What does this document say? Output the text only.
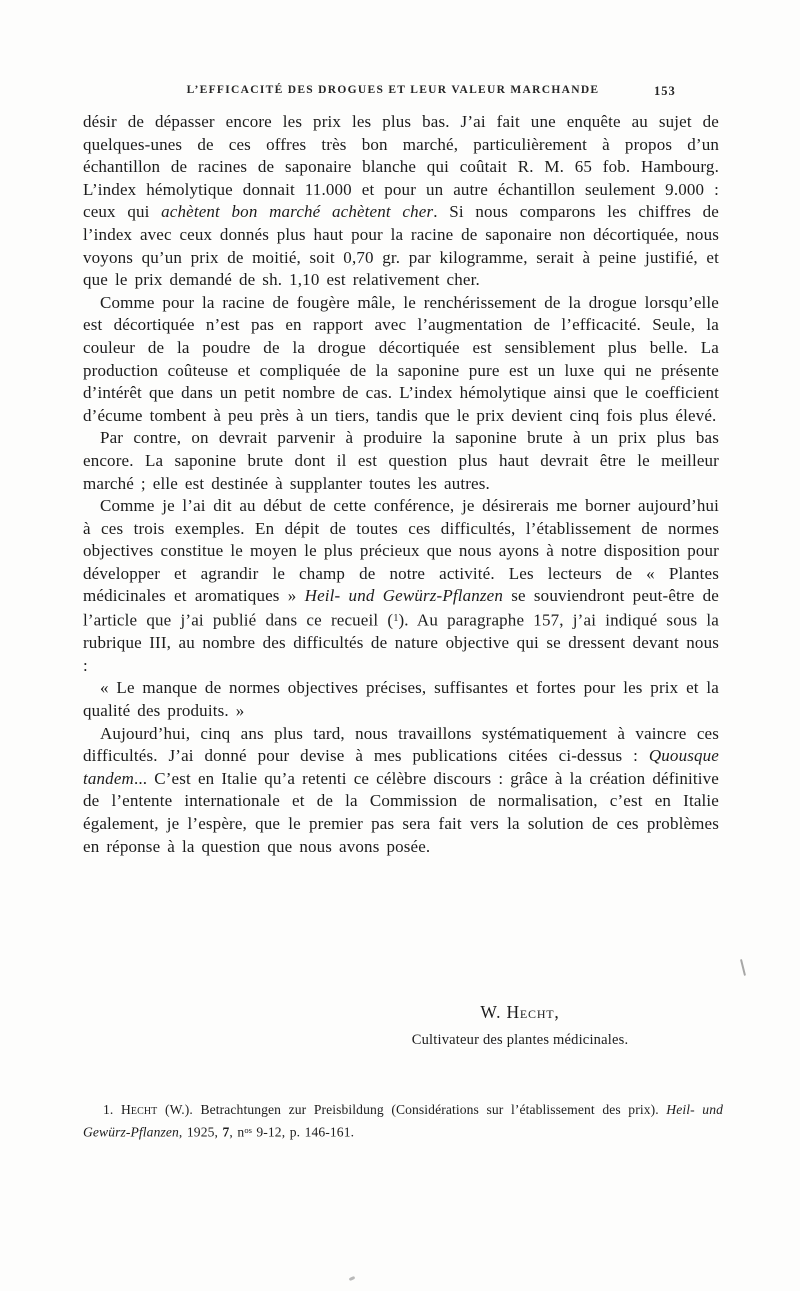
L’EFFICACITÉ DES DROGUES ET LEUR VALEUR MARCHANDE	153

désir de dépasser encore les prix les plus bas. J’ai fait une enquête au sujet de quelques-unes de ces offres très bon marché, particulièrement à propos d’un échantillon de racines de saponaire blanche qui coûtait R. M. 65 fob. Hambourg. L’index hémolytique donnait 11.000 et pour un autre échantillon seulement 9.000 : ceux qui achètent bon marché achètent cher. Si nous comparons les chiffres de l’index avec ceux donnés plus haut pour la racine de saponaire non décortiquée, nous voyons qu’un prix de moitié, soit 0,70 gr. par kilogramme, serait à peine justifié, et que le prix demandé de sh. 1,10 est relativement cher.

Comme pour la racine de fougère mâle, le renchérissement de la drogue lorsqu’elle est décortiquée n’est pas en rapport avec l’augmentation de l’efficacité. Seule, la couleur de la poudre de la drogue décortiquée est sensiblement plus belle. La production coûteuse et compliquée de la saponine pure est un luxe qui ne présente d’intérêt que dans un petit nombre de cas. L’index hémolytique ainsi que le coefficient d’écume tombent à peu près à un tiers, tandis que le prix devient cinq fois plus élevé.

Par contre, on devrait parvenir à produire la saponine brute à un prix plus bas encore. La saponine brute dont il est question plus haut devrait être le meilleur marché ; elle est destinée à supplanter toutes les autres.

Comme je l’ai dit au début de cette conférence, je désirerais me borner aujourd’hui à ces trois exemples. En dépit de toutes ces difficultés, l’établissement de normes objectives constitue le moyen le plus précieux que nous ayons à notre disposition pour développer et agrandir le champ de notre activité. Les lecteurs de « Plantes médicinales et aromatiques » Heil- und Gewürz-Pflanzen se souviendront peut-être de l’article que j’ai publié dans ce recueil ($^1$). Au paragraphe 157, j’ai indiqué sous la rubrique III, au nombre des difficultés de nature objective qui se dressent devant nous :

« Le manque de normes objectives précises, suffisantes et fortes pour les prix et la qualité des produits. »

Aujourd’hui, cinq ans plus tard, nous travaillons systématiquement à vaincre ces difficultés. J’ai donné pour devise à mes publications citées ci-dessus : Quousque tandem... C’est en Italie qu’a retenti ce célèbre discours : grâce à la création définitive de l’entente internationale et de la Commission de normalisation, c’est en Italie également, je l’espère, que le premier pas sera fait vers la solution de ces problèmes en réponse à la question que nous avons posée.

W. Hecht,
Cultivateur des plantes médicinales.

1. Hecht (W.). Betrachtungen zur Preisbildung (Considérations sur l’établissement des prix). Heil- und Gewürz-Pflanzen, 1925, 7, $n^{os}$ 9-12, p. 146-161.
